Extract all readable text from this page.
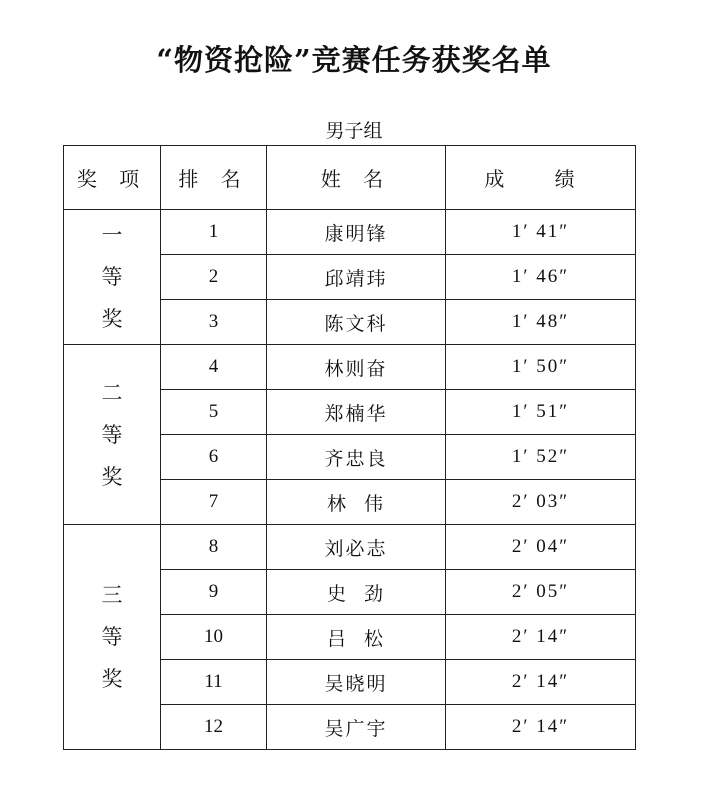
“物资抢险”竞赛任务获奖名单
男子组
奖 项	排 名	姓 名	成 绩

一
等
奖	1	康明锋	1′ 41″
	2	邱靖玮	1′ 46″
	3	陈文科	1′ 48″

二
等
奖	4	林则奋	1′ 50″
	5	郑楠华	1′ 51″
	6	齐忠良	1′ 52″
	7	林  伟	2′ 03″

三
等
奖	8	刘必志	2′ 04″
	9	史  劲	2′ 05″
	10	吕  松	2′ 14″
	11	吴晓明	2′ 14″
	12	吴广宇	2′ 14″
